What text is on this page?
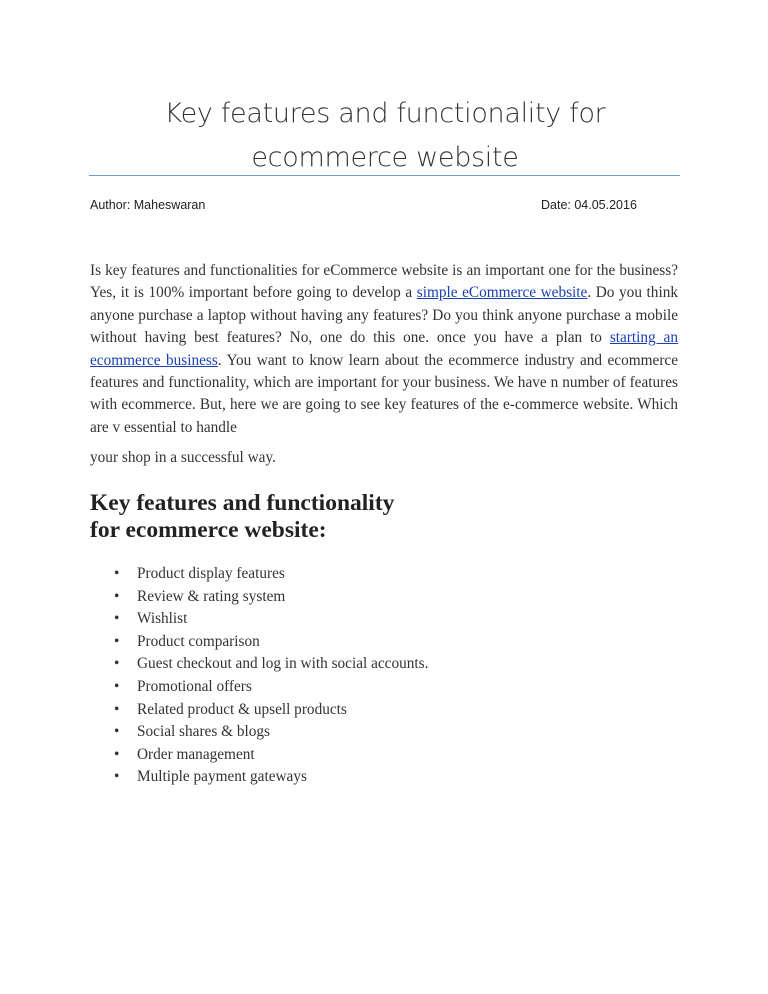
Key features and functionality for
ecommerce website
Author: Maheswaran	Date: 04.05.2016

Is key features and functionalities for eCommerce website is an important one for the business? Yes, it is 100% important before going to develop a simple eCommerce website. Do you think anyone purchase a laptop without having any features? Do you think anyone purchase a mobile without having best features? No, one do this one. once you have a plan to starting an ecommerce business. You want to know learn about the ecommerce industry and ecommerce features and functionality, which are important for your business. We have n number of features with ecommerce. But, here we are going to see key features of the e-commerce website. Which are v essential to handle

your shop in a successful way.

Key features and functionality
for ecommerce website:
• Product display features
• Review & rating system
• Wishlist
• Product comparison
• Guest checkout and log in with social accounts.
• Promotional offers
• Related product & upsell products
• Social shares & blogs
• Order management
• Multiple payment gateways
